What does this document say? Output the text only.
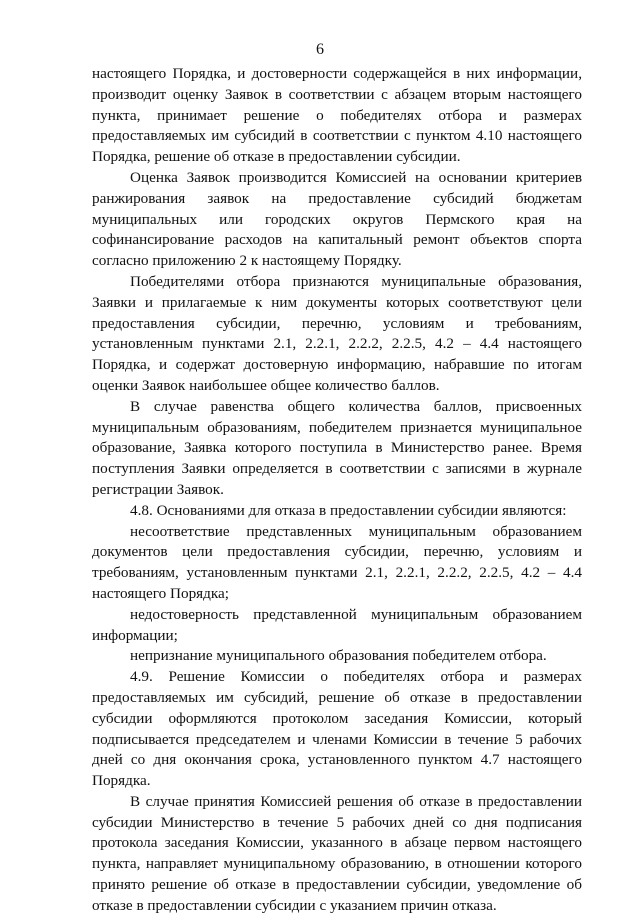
6

настоящего Порядка, и достоверности содержащейся в них информации, производит оценку Заявок в соответствии с абзацем вторым настоящего пункта, принимает решение о победителях отбора и размерах предоставляемых им субсидий в соответствии с пунктом 4.10 настоящего Порядка, решение об отказе в предоставлении субсидии.

Оценка Заявок производится Комиссией на основании критериев ранжирования заявок на предоставление субсидий бюджетам муниципальных или городских округов Пермского края на софинансирование расходов на капитальный ремонт объектов спорта согласно приложению 2 к настоящему Порядку.

Победителями отбора признаются муниципальные образования, Заявки и прилагаемые к ним документы которых соответствуют цели предоставления субсидии, перечню, условиям и требованиям, установленным пунктами 2.1, 2.2.1, 2.2.2, 2.2.5, 4.2 – 4.4 настоящего Порядка, и содержат достоверную информацию, набравшие по итогам оценки Заявок наибольшее общее количество баллов.

В случае равенства общего количества баллов, присвоенных муниципальным образованиям, победителем признается муниципальное образование, Заявка которого поступила в Министерство ранее. Время поступления Заявки определяется в соответствии с записями в журнале регистрации Заявок.

4.8. Основаниями для отказа в предоставлении субсидии являются:

несоответствие представленных муниципальным образованием документов цели предоставления субсидии, перечню, условиям и требованиям, установленным пунктами 2.1, 2.2.1, 2.2.2, 2.2.5, 4.2 – 4.4 настоящего Порядка;

недостоверность представленной муниципальным образованием информации;

непризнание муниципального образования победителем отбора.

4.9. Решение Комиссии о победителях отбора и размерах предоставляемых им субсидий, решение об отказе в предоставлении субсидии оформляются протоколом заседания Комиссии, который подписывается председателем и членами Комиссии в течение 5 рабочих дней со дня окончания срока, установленного пунктом 4.7 настоящего Порядка.

В случае принятия Комиссией решения об отказе в предоставлении субсидии Министерство в течение 5 рабочих дней со дня подписания протокола заседания Комиссии, указанного в абзаце первом настоящего пункта, направляет муниципальному образованию, в отношении которого принято решение об отказе в предоставлении субсидии, уведомление об отказе в предоставлении субсидии с указанием причин отказа.
